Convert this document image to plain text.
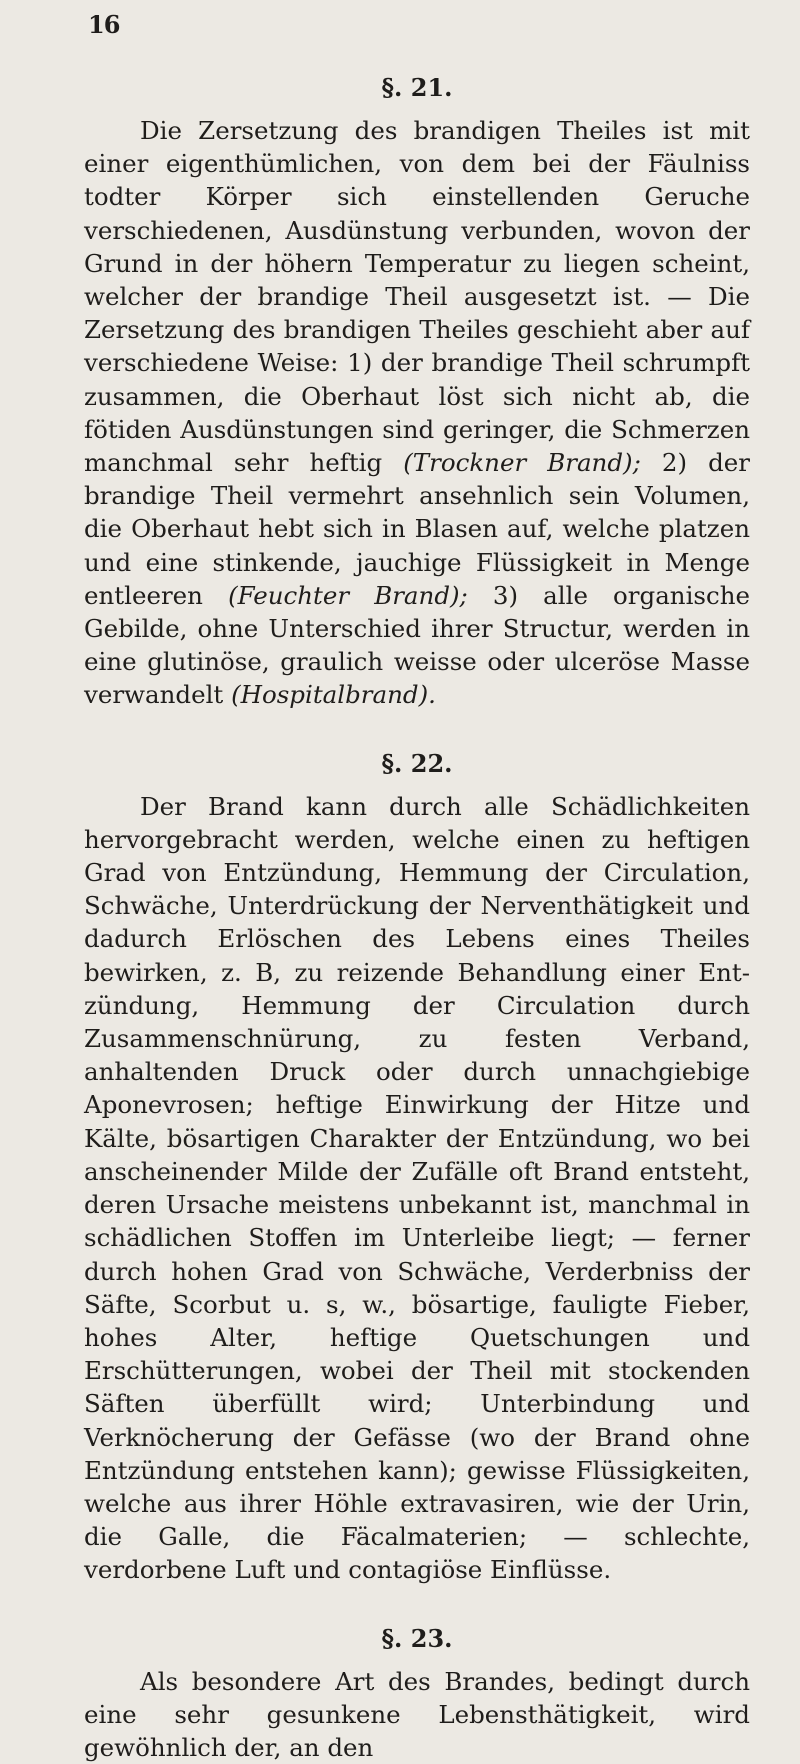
16
§. 21.

Die Zersetzung des brandigen Theiles ist mit einer eigenthümlichen, von dem bei der Fäulniss todter Körper sich einstellenden Geruche verschiedenen, Ausdünstung verbunden, wovon der Grund in der höhern Temperatur zu liegen scheint, welcher der brandige Theil ausgesetzt ist. — Die Zersetzung des brandigen Theiles geschieht aber auf verschiedene Weise: 1) der brandige Theil schrumpft zusammen, die Oberhaut löst sich nicht ab, die fötiden Ausdünstungen sind geringer, die Schmerzen manchmal sehr heftig (Trockner Brand); 2) der brandige Theil vermehrt ansehnlich sein Volumen, die Oberhaut hebt sich in Blasen auf, welche platzen und eine stinkende, jauchige Flüssigkeit in Menge entleeren (Feuchter Brand); 3) alle organische Gebilde, ohne Unterschied ihrer Structur, werden in eine glutinöse, graulich weisse oder ulceröse Masse verwandelt (Hospitalbrand).

§. 22.

Der Brand kann durch alle Schädlichkeiten hervorgebracht werden, welche einen zu heftigen Grad von Entzündung, Hemmung der Circulation, Schwäche, Unterdrückung der Nerventhätigkeit und dadurch Erlöschen des Lebens eines Theiles bewirken, z. B, zu reizende Behandlung einer Entzündung, Hemmung der Circulation durch Zusammenschnürung, zu festen Verband, anhaltenden Druck oder durch unnachgiebige Aponevrosen; heftige Einwirkung der Hitze und Kälte, bösartigen Charakter der Entzündung, wo bei anscheinender Milde der Zufälle oft Brand entsteht, deren Ursache meistens unbekannt ist, manchmal in schädlichen Stoffen im Unterleibe liegt; — ferner durch hohen Grad von Schwäche, Verderbniss der Säfte, Scorbut u. s, w., bösartige, fauligte Fieber, hohes Alter, heftige Quetschungen und Erschütterungen, wobei der Theil mit stockenden Säften überfüllt wird; Unterbindung und Verknöcherung der Gefässe (wo der Brand ohne Entzündung entstehen kann); gewisse Flüssigkeiten, welche aus ihrer Höhle extravasiren, wie der Urin, die Galle, die Fäcalmaterien; — schlechte, verdorbene Luft und contagiöse Einflüsse.

§. 23.

Als besondere Art des Brandes, bedingt durch eine sehr gesunkene Lebensthätigkeit, wird gewöhnlich der, an den
